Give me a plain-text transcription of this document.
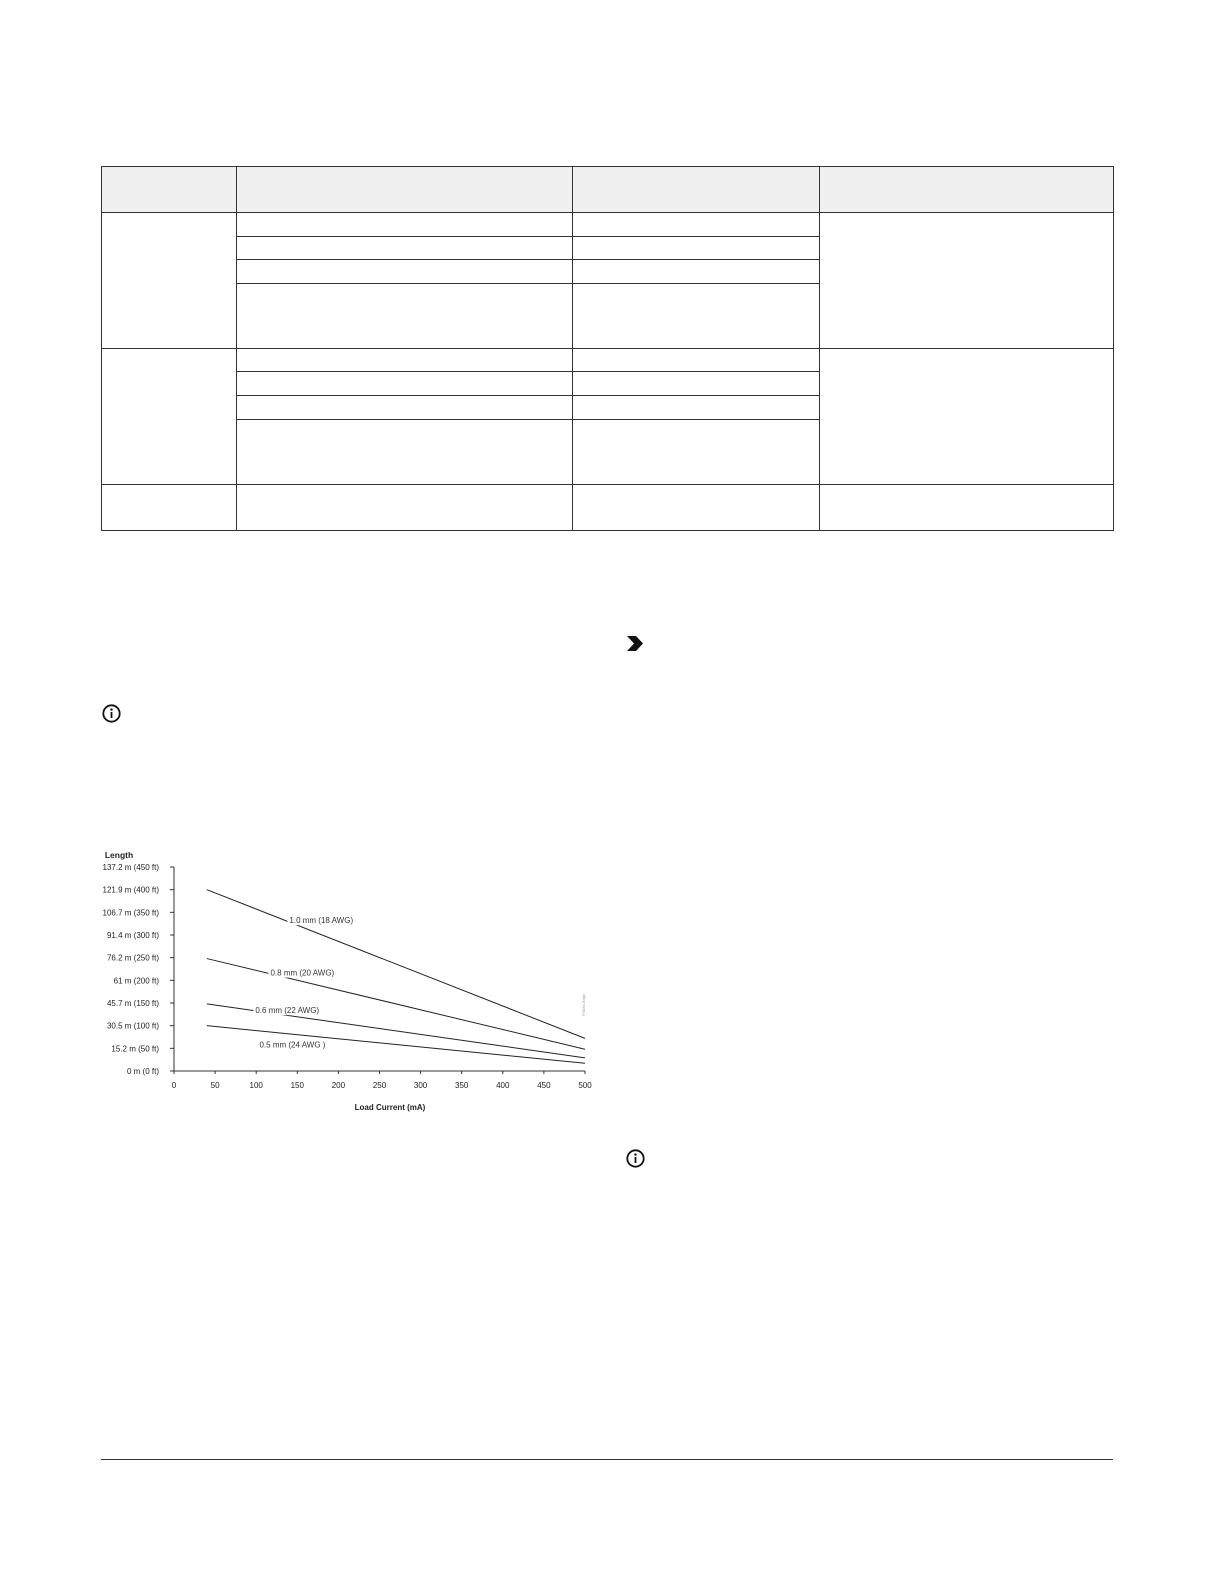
Length
Load Current (mA)
0 m (0 ft)
15.2 m (50 ft)
30.5 m (100 ft)
45.7 m (150 ft)
61 m (200 ft)
76.2 m (250 ft)
91.4 m (300 ft)
106.7 m (350 ft)
121.9 m (400 ft)
137.2 m (450 ft)
0	50	100	150	200	250	300	350	400	450	500
1.0 mm (18 AWG)
0.8 mm (20 AWG)
0.6 mm (22 AWG)
0.5 mm (24 AWG )
P30wc.8dgn
